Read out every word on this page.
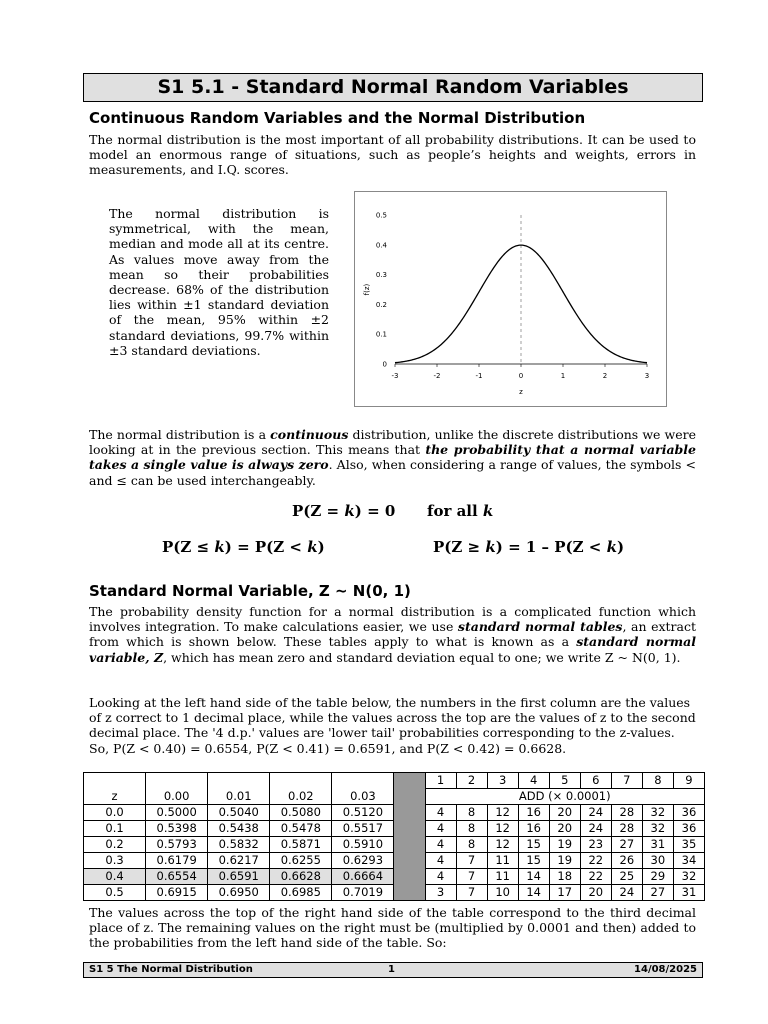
S1 5.1 - Standard Normal Random Variables
Continuous Random Variables and the Normal Distribution
The normal distribution is the most important of all probability distributions. It can be used to model an enormous range of situations, such as people’s heights and weights, errors in measurements, and I.Q. scores.
The normal distribution is symmetrical, with the mean, median and mode all at its centre. As values move away from the mean so their probabilities decrease. 68% of the distribution lies within ±1 standard deviation of the mean, 95% within ±2 standard deviations, 99.7% within ±3 standard deviations.
-3	-2	-1	0	1	2	3
0
0.1
0.2
0.3
0.4
0.5
z
f(z)
The normal distribution is a continuous distribution, unlike the discrete distributions we were looking at in the previous section. This means that the probability that a normal variable takes a single value is always zero. Also, when considering a range of values, the symbols < and ≤ can be used interchangeably.
P(Z = k) = 0 for all k
P(Z ≤ k) = P(Z < k)	P(Z ≥ k) = 1 – P(Z < k)
Standard Normal Variable, Z ~ N(0, 1)
The probability density function for a normal distribution is a complicated function which involves integration. To make calculations easier, we use standard normal tables, an extract from which is shown below. These tables apply to what is known as a standard normal variable, Z, which has mean zero and standard deviation equal to one; we write Z ~ N(0, 1).
Looking at the left hand side of the table below, the numbers in the first column are the values of z correct to 1 decimal place, while the values across the top are the values of z to the second decimal place. The '4 d.p.' values are 'lower tail' probabilities corresponding to the z-values. So, P(Z < 0.40) = 0.6554, P(Z < 0.41) = 0.6591, and P(Z < 0.42) = 0.6628.
z	0.00	0.01	0.02	0.03		1	2	3	4	5	6	7	8	9
						ADD (× 0.0001)								
0.0	0.5000	0.5040	0.5080	0.5120		4	8	12	16	20	24	28	32	36
0.1	0.5398	0.5438	0.5478	0.5517		4	8	12	16	20	24	28	32	36
0.2	0.5793	0.5832	0.5871	0.5910		4	8	12	15	19	23	27	31	35
0.3	0.6179	0.6217	0.6255	0.6293		4	7	11	15	19	22	26	30	34
0.4	0.6554	0.6591	0.6628	0.6664		4	7	11	14	18	22	25	29	32
0.5	0.6915	0.6950	0.6985	0.7019		3	7	10	14	17	20	24	27	31
The values across the top of the right hand side of the table correspond to the third decimal place of z. The remaining values on the right must be (multiplied by 0.0001 and then) added to the probabilities from the left hand side of the table. So:
S1 5 The Normal Distribution	1	14/08/2025
